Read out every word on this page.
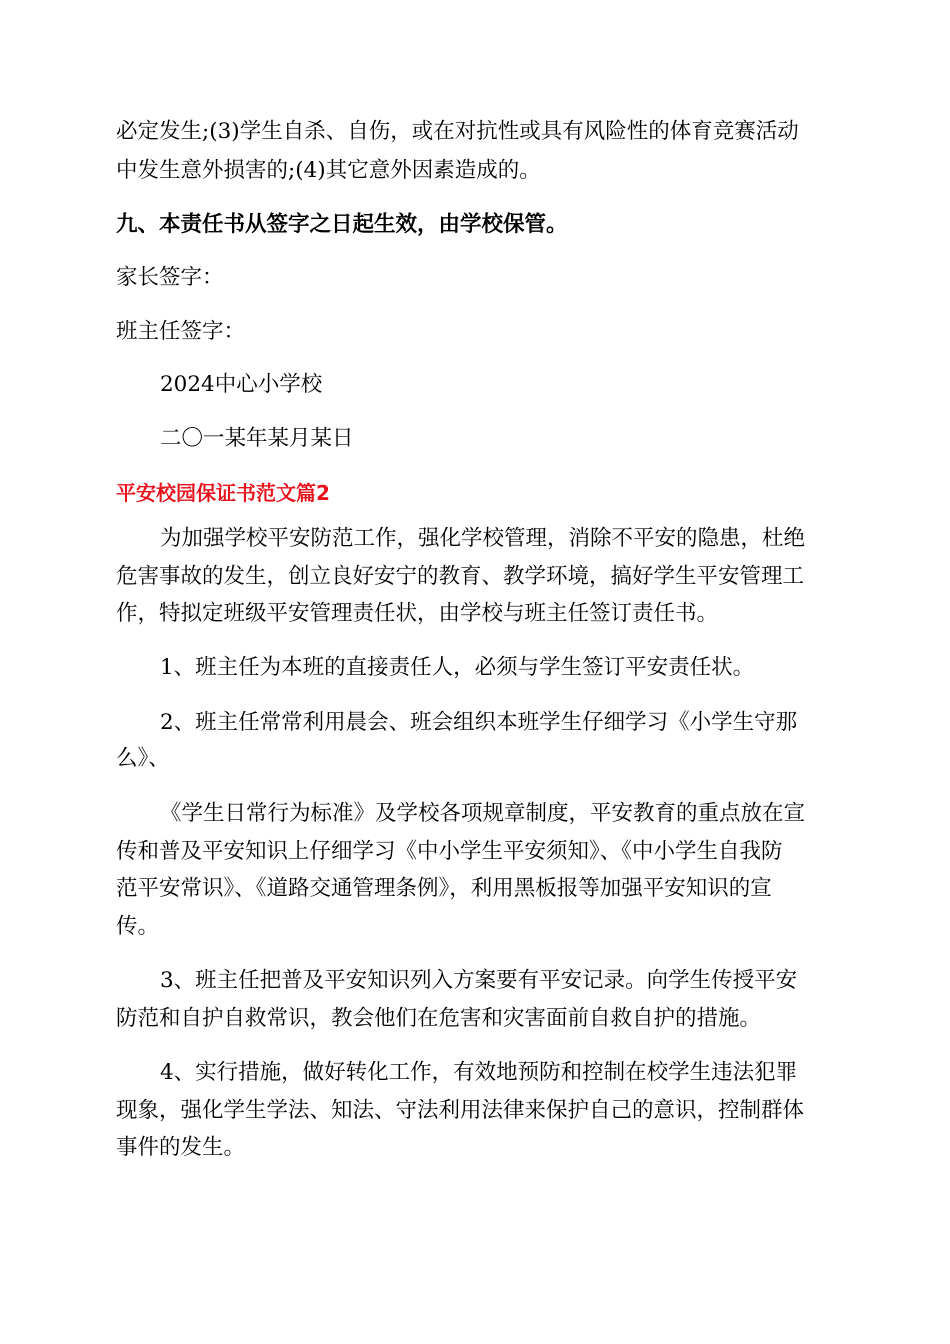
必定发生;(3)学生自杀、自伤，或在对抗性或具有风险性的体育竞赛活动

中发生意外损害的;(4)其它意外因素造成的。

九、本责任书从签字之日起生效，由学校保管。

家长签字：

班主任签字：

2024中心小学校

二〇一某年某月某日

平安校园保证书范文篇2

为加强学校平安防范工作，强化学校管理，消除不平安的隐患，杜绝

危害事故的发生，创立良好安宁的教育、教学环境，搞好学生平安管理工

作，特拟定班级平安管理责任状，由学校与班主任签订责任书。

1、班主任为本班的直接责任人，必须与学生签订平安责任状。

2、班主任常常利用晨会、班会组织本班学生仔细学习《小学生守那

么》、

《学生日常行为标准》及学校各项规章制度，平安教育的重点放在宣

传和普及平安知识上仔细学习《中小学生平安须知》、《中小学生自我防

范平安常识》、《道路交通管理条例》，利用黑板报等加强平安知识的宣

传。

3、班主任把普及平安知识列入方案要有平安记录。向学生传授平安

防范和自护自救常识，教会他们在危害和灾害面前自救自护的措施。

4、实行措施，做好转化工作，有效地预防和控制在校学生违法犯罪

现象，强化学生学法、知法、守法利用法律来保护自己的意识，控制群体

事件的发生。
